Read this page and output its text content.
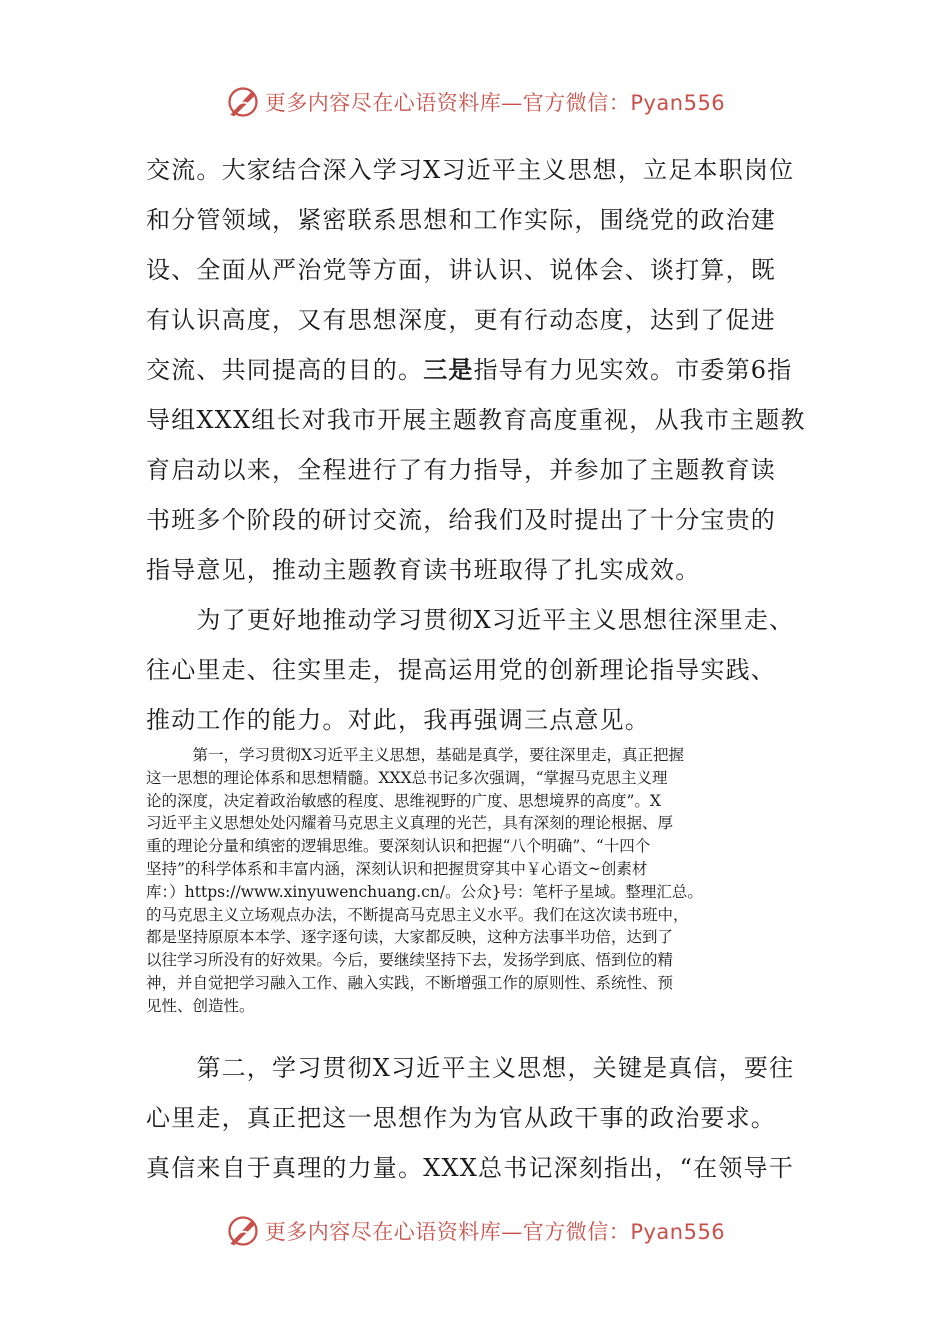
更多内容尽在心语资料库—官方微信：Pyan556
交流。大家结合深入学习X习近平主义思想，立足本职岗位
和分管领域，紧密联系思想和工作实际，围绕党的政治建
设、全面从严治党等方面，讲认识、说体会、谈打算，既
有认识高度，又有思想深度，更有行动态度，达到了促进
交流、共同提高的目的。三是指导有力见实效。市委第6指
导组XXX组长对我市开展主题教育高度重视，从我市主题教
育启动以来，全程进行了有力指导，并参加了主题教育读
书班多个阶段的研讨交流，给我们及时提出了十分宝贵的
指导意见，推动主题教育读书班取得了扎实成效。
　　为了更好地推动学习贯彻X习近平主义思想往深里走、
往心里走、往实里走，提高运用党的创新理论指导实践、
推动工作的能力。对此，我再强调三点意见。
　　　第一，学习贯彻X习近平主义思想，基础是真学，要往深里走，真正把握
这一思想的理论体系和思想精髓。XXX总书记多次强调，“掌握马克思主义理
论的深度，决定着政治敏感的程度、思维视野的广度、思想境界的高度”。X
习近平主义思想处处闪耀着马克思主义真理的光芒，具有深刻的理论根据、厚
重的理论分量和缜密的逻辑思维。要深刻认识和把握“八个明确”、“十四个
坚持”的科学体系和丰富内涵，深刻认识和把握贯穿其中￥心语文~创素材
库：）https://www.xinyuwenchuang.cn/。公众}号：笔杆子星域。整理汇总。
的马克思主义立场观点办法，不断提高马克思主义水平。我们在这次读书班中，
都是坚持原原本本学、逐字逐句读，大家都反映，这种方法事半功倍，达到了
以往学习所没有的好效果。今后，要继续坚持下去，发扬学到底、悟到位的精
神，并自觉把学习融入工作、融入实践，不断增强工作的原则性、系统性、预
见性、创造性。
　　第二，学习贯彻X习近平主义思想，关键是真信，要往
心里走，真正把这一思想作为为官从政干事的政治要求。
真信来自于真理的力量。XXX总书记深刻指出，“在领导干
更多内容尽在心语资料库—官方微信：Pyan556
